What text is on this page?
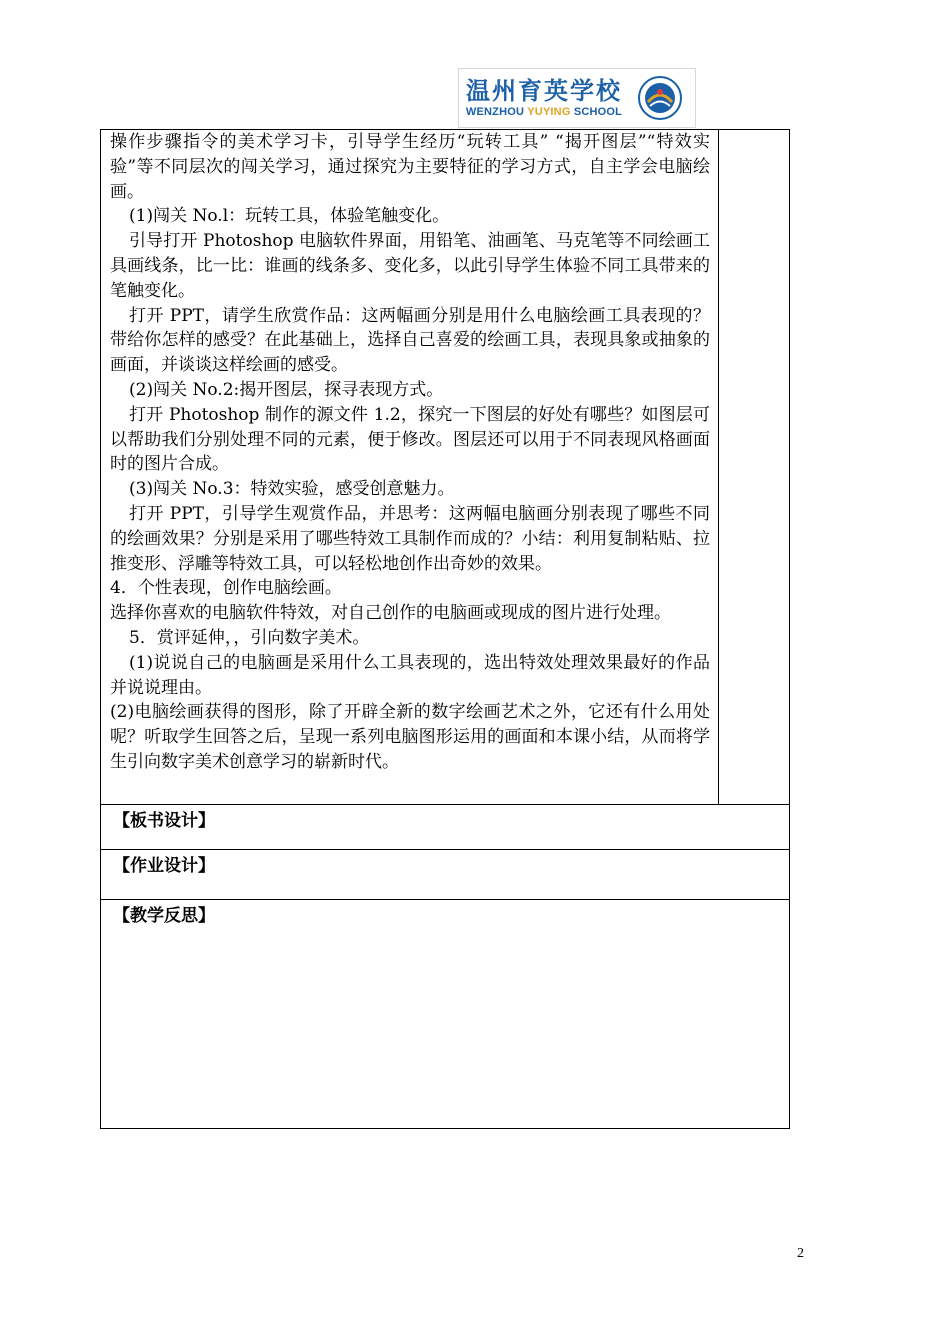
温州育英学校
WENZHOU YUYING SCHOOL

操作步骤指令的美术学习卡，引导学生经历“玩转工具” “揭开图层”“特效实验”等不同层次的闯关学习，通过探究为主要特征的学习方式，自主学会电脑绘画。

(1)闯关 No.l：玩转工具，体验笔触变化。

引导打开 Photoshop 电脑软件界面，用铅笔、油画笔、马克笔等不同绘画工具画线条，比一比：谁画的线条多、变化多，以此引导学生体验不同工具带来的笔触变化。

打开 PPT，请学生欣赏作品：这两幅画分别是用什么电脑绘画工具表现的？带给你怎样的感受？在此基础上，选择自己喜爱的绘画工具，表现具象或抽象的画面，并谈谈这样绘画的感受。

(2)闯关 No.2:揭开图层，探寻表现方式。

打开 Photoshop 制作的源文件 1.2，探究一下图层的好处有哪些？如图层可以帮助我们分别处理不同的元素，便于修改。图层还可以用于不同表现风格画面时的图片合成。

(3)闯关 No.3：特效实验，感受创意魅力。

打开 PPT，引导学生观赏作品，并思考：这两幅电脑画分别表现了哪些不同的绘画效果？分别是采用了哪些特效工具制作而成的？小结：利用复制粘贴、拉推变形、浮雕等特效工具，可以轻松地创作出奇妙的效果。

4．个性表现，创作电脑绘画。

选择你喜欢的电脑软件特效，对自己创作的电脑画或现成的图片进行处理。

5．赏评延伸，，引向数字美术。

(1)说说自己的电脑画是采用什么工具表现的，选出特效处理效果最好的作品并说说理由。

(2)电脑绘画获得的图形，除了开辟全新的数字绘画艺术之外，它还有什么用处呢？听取学生回答之后，呈现一系列电脑图形运用的画面和本课小结，从而将学生引向数字美术创意学习的崭新时代。

【板书设计】
【作业设计】
【教学反思】
2
